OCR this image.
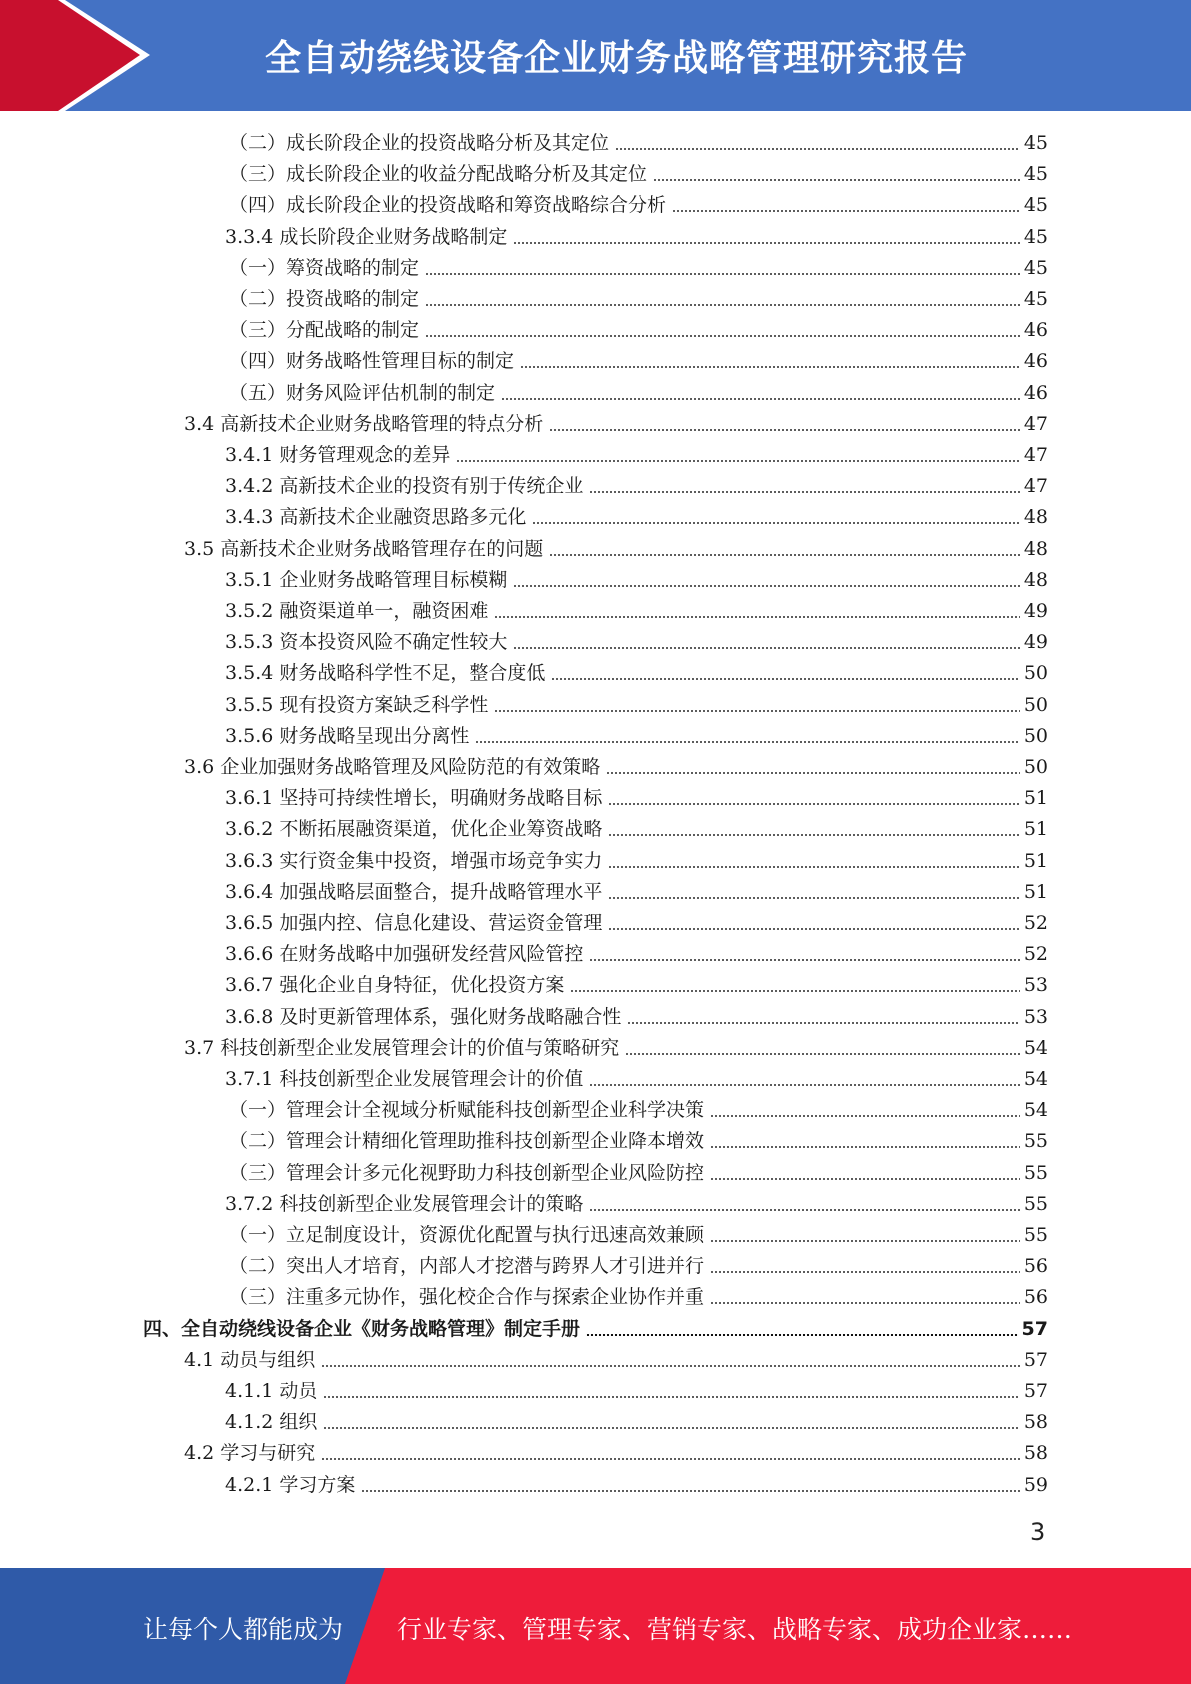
全自动绕线设备企业财务战略管理研究报告
（二）成长阶段企业的投资战略分析及其定位	45
（三）成长阶段企业的收益分配战略分析及其定位	45
（四）成长阶段企业的投资战略和筹资战略综合分析	45
3.3.4 成长阶段企业财务战略制定	45
（一）筹资战略的制定	45
（二）投资战略的制定	45
（三）分配战略的制定	46
（四）财务战略性管理目标的制定	46
（五）财务风险评估机制的制定	46
3.4 高新技术企业财务战略管理的特点分析	47
3.4.1 财务管理观念的差异	47
3.4.2 高新技术企业的投资有别于传统企业	47
3.4.3 高新技术企业融资思路多元化	48
3.5 高新技术企业财务战略管理存在的问题	48
3.5.1 企业财务战略管理目标模糊	48
3.5.2 融资渠道单一，融资困难	49
3.5.3 资本投资风险不确定性较大	49
3.5.4 财务战略科学性不足，整合度低	50
3.5.5 现有投资方案缺乏科学性	50
3.5.6 财务战略呈现出分离性	50
3.6 企业加强财务战略管理及风险防范的有效策略	50
3.6.1 坚持可持续性增长，明确财务战略目标	51
3.6.2 不断拓展融资渠道，优化企业筹资战略	51
3.6.3 实行资金集中投资，增强市场竞争实力	51
3.6.4 加强战略层面整合，提升战略管理水平	51
3.6.5 加强内控、信息化建设、营运资金管理	52
3.6.6 在财务战略中加强研发经营风险管控	52
3.6.7 强化企业自身特征，优化投资方案	53
3.6.8 及时更新管理体系，强化财务战略融合性	53
3.7 科技创新型企业发展管理会计的价值与策略研究	54
3.7.1 科技创新型企业发展管理会计的价值	54
（一）管理会计全视域分析赋能科技创新型企业科学决策	54
（二）管理会计精细化管理助推科技创新型企业降本增效	55
（三）管理会计多元化视野助力科技创新型企业风险防控	55
3.7.2 科技创新型企业发展管理会计的策略	55
（一）立足制度设计，资源优化配置与执行迅速高效兼顾	55
（二）突出人才培育，内部人才挖潜与跨界人才引进并行	56
（三）注重多元协作，强化校企合作与探索企业协作并重	56
四、全自动绕线设备企业《财务战略管理》制定手册	57
4.1 动员与组织	57
4.1.1 动员	57
4.1.2 组织	58
4.2 学习与研究	58
4.2.1 学习方案	59
3
让每个人都能成为 行业专家、管理专家、营销专家、战略专家、成功企业家……
